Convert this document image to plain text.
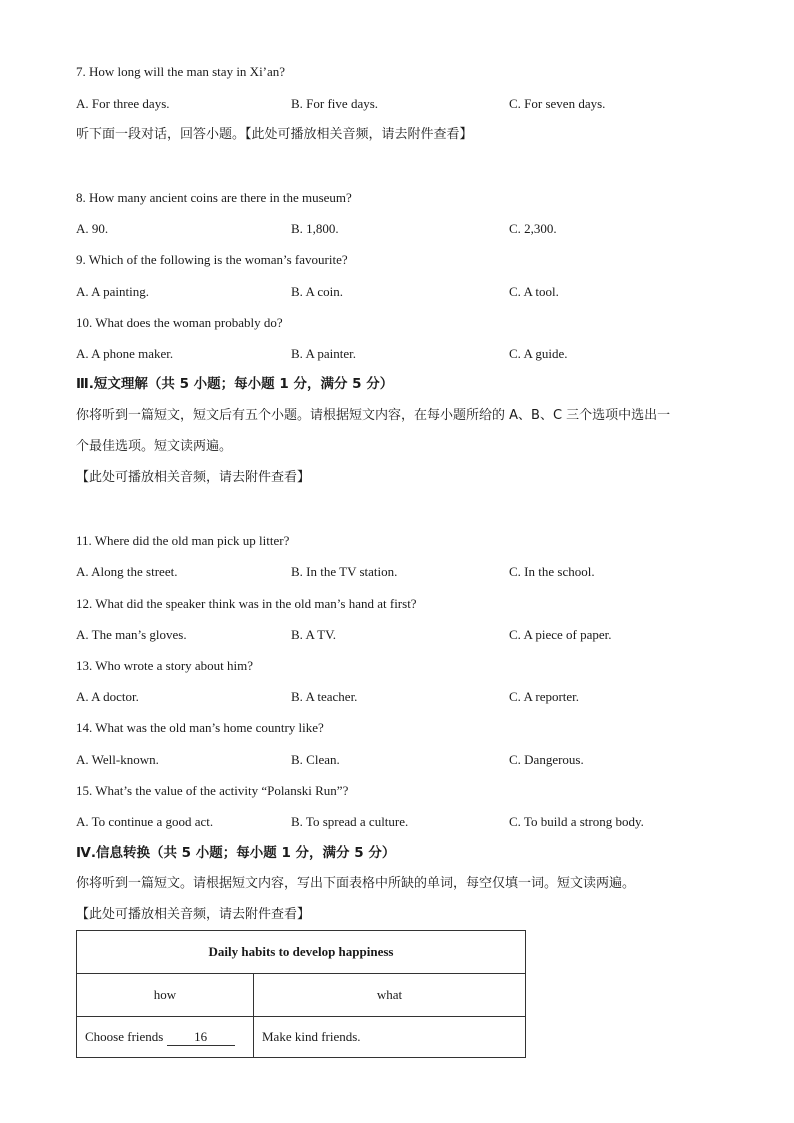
7. How long will the man stay in Xi’an?
A. For three days.	B. For five days.	C. For seven days.
听下面一段对话，回答小题。【此处可播放相关音频，请去附件查看】
8. How many ancient coins are there in the museum?
A. 90.	B. 1,800.	C. 2,300.
9. Which of the following is the woman’s favourite?
A. A painting.	B. A coin.	C. A tool.
10. What does the woman probably do?
A. A phone maker.	B. A painter.	C. A guide.
Ⅲ.短文理解（共 5 小题；每小题 1 分，满分 5 分）
你将听到一篇短文，短文后有五个小题。请根据短文内容，在每小题所给的 A、B、C 三个选项中选出一
个最佳选项。短文读两遍。
【此处可播放相关音频，请去附件查看】
11. Where did the old man pick up litter?
A. Along the street.	B. In the TV station.	C. In the school.
12. What did the speaker think was in the old man’s hand at first?
A. The man’s gloves.	B. A TV.	C. A piece of paper.
13. Who wrote a story about him?
A. A doctor.	B. A teacher.	C. A reporter.
14. What was the old man’s home country like?
A. Well-known.	B. Clean.	C. Dangerous.
15. What’s the value of the activity “Polanski Run”?
A. To continue a good act.	B. To spread a culture.	C. To build a strong body.
Ⅳ.信息转换（共 5 小题；每小题 1 分，满分 5 分）
你将听到一篇短文。请根据短文内容，写出下面表格中所缺的单词，每空仅填一词。短文读两遍。
【此处可播放相关音频，请去附件查看】
Daily habits to develop happiness	
how	what
Choose friends 16	Make kind friends.
